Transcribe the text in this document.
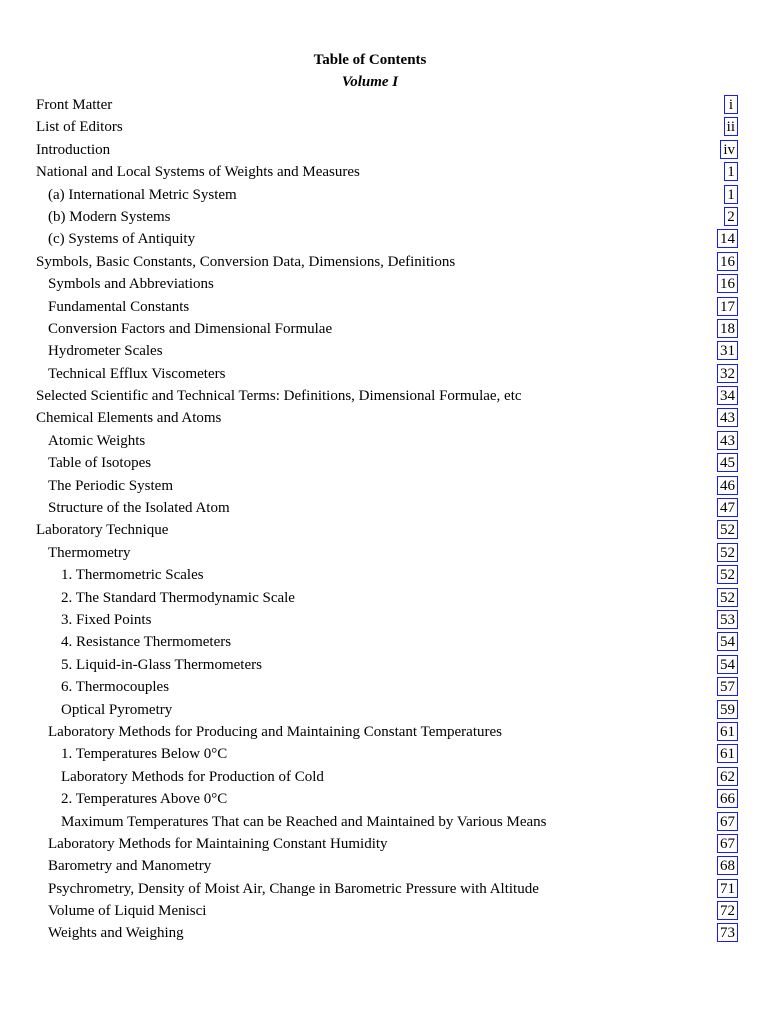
Table of Contents
Volume I
Front Matter	i
List of Editors	ii
Introduction	iv
National and Local Systems of Weights and Measures	1
(a) International Metric System	1
(b) Modern Systems	2
(c) Systems of Antiquity	14
Symbols, Basic Constants, Conversion Data, Dimensions, Definitions	16
Symbols and Abbreviations	16
Fundamental Constants	17
Conversion Factors and Dimensional Formulae	18
Hydrometer Scales	31
Technical Efflux Viscometers	32
Selected Scientific and Technical Terms: Definitions, Dimensional Formulae, etc	34
Chemical Elements and Atoms	43
Atomic Weights	43
Table of Isotopes	45
The Periodic System	46
Structure of the Isolated Atom	47
Laboratory Technique	52
Thermometry	52
1. Thermometric Scales	52
2. The Standard Thermodynamic Scale	52
3. Fixed Points	53
4. Resistance Thermometers	54
5. Liquid-in-Glass Thermometers	54
6. Thermocouples	57
Optical Pyrometry	59
Laboratory Methods for Producing and Maintaining Constant Temperatures	61
1. Temperatures Below 0°C	61
Laboratory Methods for Production of Cold	62
2. Temperatures Above 0°C	66
Maximum Temperatures That can be Reached and Maintained by Various Means	67
Laboratory Methods for Maintaining Constant Humidity	67
Barometry and Manometry	68
Psychrometry, Density of Moist Air, Change in Barometric Pressure with Altitude	71
Volume of Liquid Menisci	72
Weights and Weighing	73
